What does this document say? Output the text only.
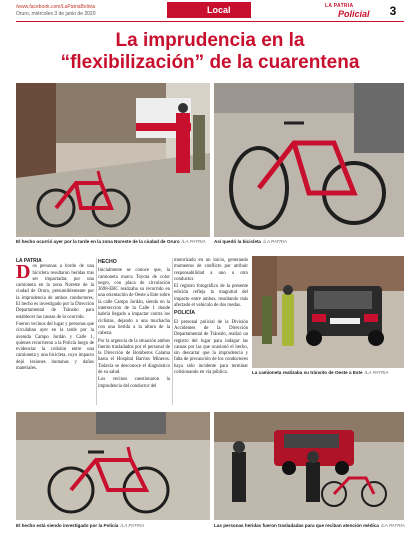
/www.facebook.com/LaPatriaBolivia
Oruro, miércoles 3 de junio de 2020	Local	LA PATRIA
Policial	3
La imprudencia en la
“flexibilización” de la cuarentena
El hecho ocurrió ayer por la tarde en la zona Noreste de la ciudad de Oruro /LA PATRIA Así quedó la bicicleta /LA PATRIA
LA PATRIA

Dos personas a bordo de una bicicleta resultaron heridas tras ser impactadas por una camioneta en la zona Noreste de la ciudad de Oruro, presumiblemente por la imprudencia de ambos conductores. El hecho es investigado por la Dirección Departamental de Tránsito para establecer las causas de lo ocurrido.

Fueron vecinos del lugar y personas que circulaban ayer en la tarde por la avenida Campo Jordán y Calle 1, quienes recurrieron a la Policía luego de evidenciar la colisión entre una camioneta y una bicicleta, cuyo impacto dejó lesiones humanas y daños materiales.

HECHO

Inicialmente se conoce que, la camioneta marca Toyota de color negro, con placa de circulación 3698-EBC realizaba su recorrido en una orientación de Oeste a Este sobre la calle Campo Jordán, siendo en la intersección de la Calle 1 donde habría llegado a impactar contra los ciclistas, dejando a una muchacha con una herida a la altura de la cabeza.

Por la urgencia de la situación ambos fueron trasladados por el personal de la Dirección de Bomberos Calama hasta el Hospital Barrios Mineros. Todavía se desconoce el diagnóstico de su salud.

Los vecinos cuestionaron la imprudencia del conductor del

motorizado en un inicio, generando momentos de conflicto por atribuir responsabilidad a uno u otro conductor.

El registro fotográfico de la presente edición refleja la magnitud del impacto entre ambos, resultando más afectado el vehículo de dos ruedas.

POLICÍA

El personal policial de la División Accidentes de la Dirección Departamental de Tránsito, realizó un registro del lugar para indagar las causas por las que ocasionó el hecho, sin descartar que la imprudencia y falta de precaución de los conductores haya sido incidente para terminar colisionando en vía pública.	La camioneta realizaba su tránsito de Oeste a Este /LA PATRIA
El hecho está siendo investigado por la Policía /LA PATRIA	Las personas heridas fueron trasladadas para que reciban atención médica /LA PATRIA
